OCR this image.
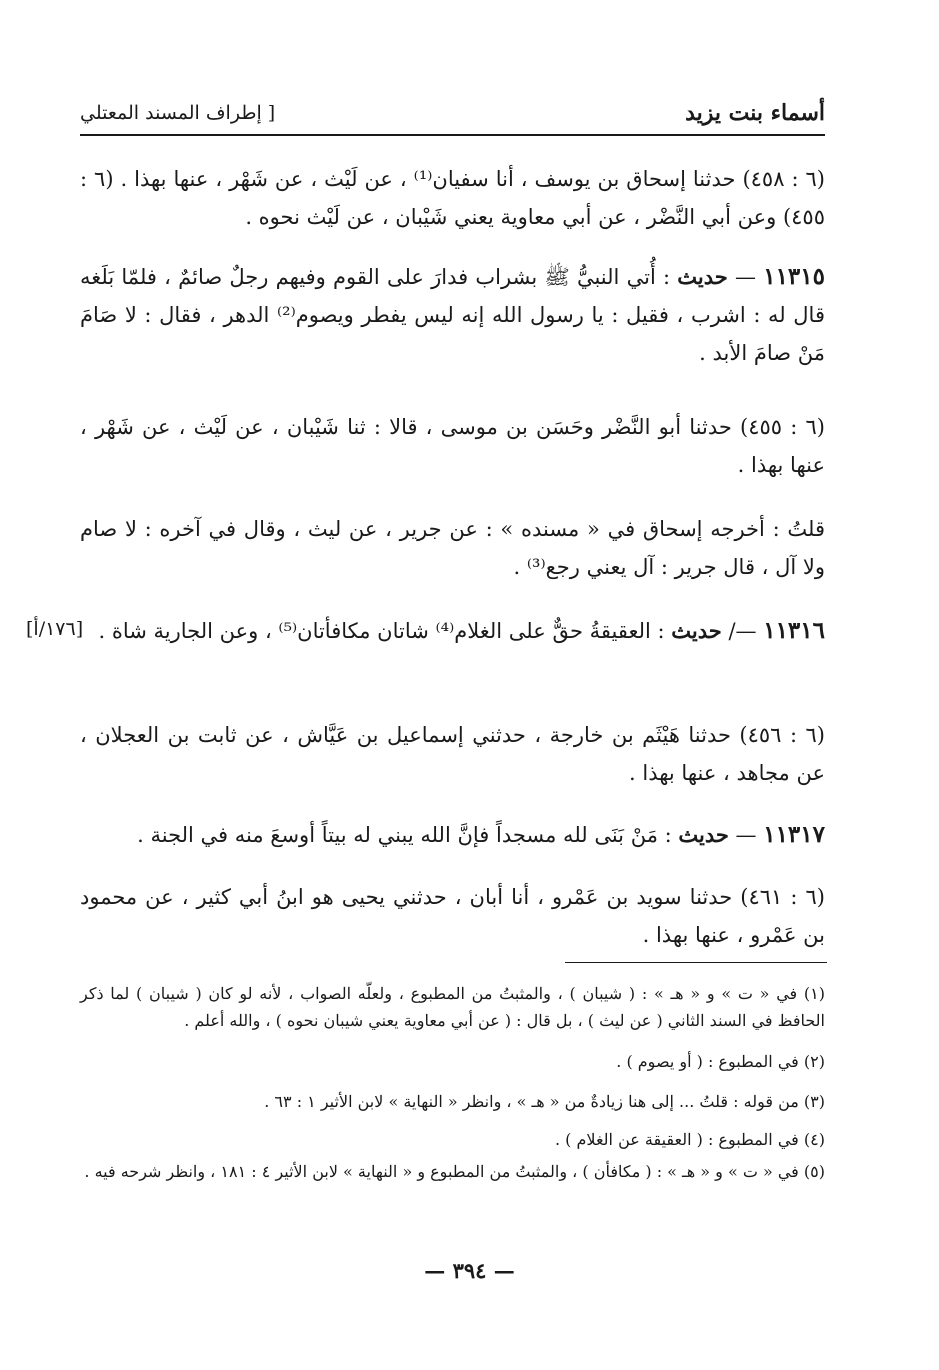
أسماء بنت يزيد
[ إطراف المسند المعتلي
(٦ : ٤٥٨) حدثنا إسحاق بن يوسف ، أنا سفيان⁽¹⁾ ، عن لَيْث ، عن شَهْر ، عنها بهذا . (٦ : ٤٥٥) وعن أبي النَّضْر ، عن أبي معاوية يعني شَيْبان ، عن لَيْث نحوه .
١١٣١٥ — حديث : أُتي النبيُّ ﷺ بشراب فدارَ على القوم وفيهم رجلٌ صائمٌ ، فلمّا بَلَغه قال له : اشرب ، فقيل : يا رسول الله إنه ليس يفطر ويصوم⁽²⁾ الدهر ، فقال : لا صَامَ مَنْ صامَ الأبد .
(٦ : ٤٥٥) حدثنا أبو النَّضْر وحَسَن بن موسى ، قالا : ثنا شَيْبان ، عن لَيْث ، عن شَهْر ، عنها بهذا .
قلتُ : أخرجه إسحاق في « مسنده » : عن جرير ، عن ليث ، وقال في آخره : لا صام ولا آل ، قال جرير : آل يعني رجع⁽³⁾ .
[١٧٦/أ]	١١٣١٦ —/ حديث : العقيقةُ حقٌّ على الغلام⁽⁴⁾ شاتان مكافأتان⁽⁵⁾ ، وعن الجارية شاة .
(٦ : ٤٥٦) حدثنا هَيْثَم بن خارجة ، حدثني إسماعيل بن عَيَّاش ، عن ثابت بن العجلان ، عن مجاهد ، عنها بهذا .
١١٣١٧ — حديث : مَنْ بَنَى لله مسجداً فإنَّ الله يبني له بيتاً أوسعَ منه في الجنة .
(٦ : ٤٦١) حدثنا سويد بن عَمْرو ، أنا أبان ، حدثني يحيى هو ابنُ أبي كثير ، عن محمود بن عَمْرو ، عنها بهذا .
(١) في « ت » و « هـ » : ( شيبان ) ، والمثبتُ من المطبوع ، ولعلّه الصواب ، لأنه لو كان ( شيبان ) لما ذكر الحافظ في السند الثاني ( عن ليث ) ، بل قال : ( عن أبي معاوية يعني شيبان نحوه ) ، والله أعلم .
(٢) في المطبوع : ( أو يصوم ) .
(٣) من قوله : قلتُ ... إلى هنا زيادةٌ من « هـ » ، وانظر « النهاية » لابن الأثير ١ : ٦٣ .
(٤) في المطبوع : ( العقيقة عن الغلام ) .
(٥) في « ت » و « هـ » : ( مكافأن ) ، والمثبتُ من المطبوع و « النهاية » لابن الأثير ٤ : ١٨١ ، وانظر شرحه فيه .
— ٣٩٤ —
